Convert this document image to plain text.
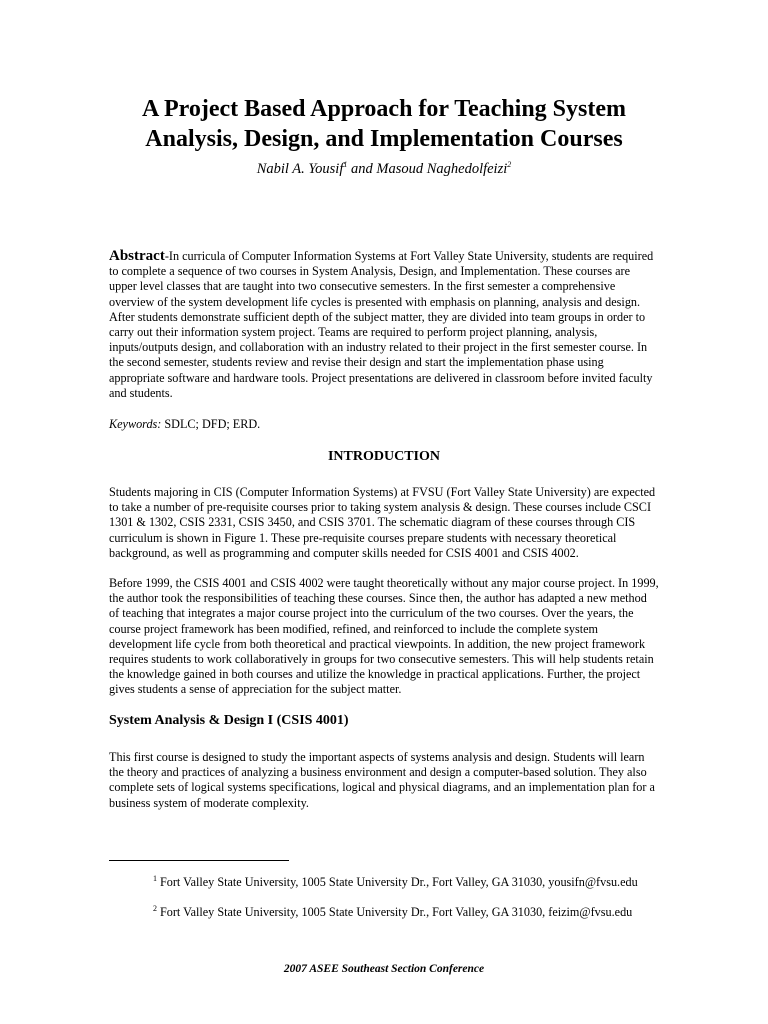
A Project Based Approach for Teaching System
Analysis, Design, and Implementation Courses

Nabil A. Yousif$^1$ and Masoud Naghedolfeizi$^2$

Abstract-In curricula of Computer Information Systems at Fort Valley State University, students are required to complete a sequence of two courses in System Analysis, Design, and Implementation. These courses are upper level classes that are taught into two consecutive semesters. In the first semester a comprehensive overview of the system development life cycles is presented with emphasis on planning, analysis and design. After students demonstrate sufficient depth of the subject matter, they are divided into team groups in order to carry out their information system project. Teams are required to perform project planning, analysis, inputs/outputs design, and collaboration with an industry related to their project in the first semester course. In the second semester, students review and revise their design and start the implementation phase using appropriate software and hardware tools. Project presentations are delivered in classroom before invited faculty and students.

Keywords: SDLC; DFD; ERD.

INTRODUCTION

Students majoring in CIS (Computer Information Systems) at FVSU (Fort Valley State University) are expected to take a number of pre-requisite courses prior to taking system analysis & design. These courses include CSCI 1301 & 1302, CSIS 2331, CSIS 3450, and CSIS 3701. The schematic diagram of these courses through CIS curriculum is shown in Figure 1. These pre-requisite courses prepare students with necessary theoretical background, as well as programming and computer skills needed for CSIS 4001 and CSIS 4002.

Before 1999, the CSIS 4001 and CSIS 4002 were taught theoretically without any major course project. In 1999, the author took the responsibilities of teaching these courses. Since then, the author has adapted a new method of teaching that integrates a major course project into the curriculum of the two courses. Over the years, the course project framework has been modified, refined, and reinforced to include the complete system development life cycle from both theoretical and practical viewpoints. In addition, the new project framework requires students to work collaboratively in groups for two consecutive semesters. This will help students retain the knowledge gained in both courses and utilize the knowledge in practical applications. Further, the project gives students a sense of appreciation for the subject matter.

System Analysis & Design I (CSIS 4001)

This first course is designed to study the important aspects of systems analysis and design. Students will learn the theory and practices of analyzing a business environment and design a computer-based solution. They also complete sets of logical systems specifications, logical and physical diagrams, and an implementation plan for a business system of moderate complexity.

$^1$ Fort Valley State University, 1005 State University Dr., Fort Valley, GA 31030, yousifn@fvsu.edu

$^2$ Fort Valley State University, 1005 State University Dr., Fort Valley, GA 31030, feizim@fvsu.edu

2007 ASEE Southeast Section Conference
